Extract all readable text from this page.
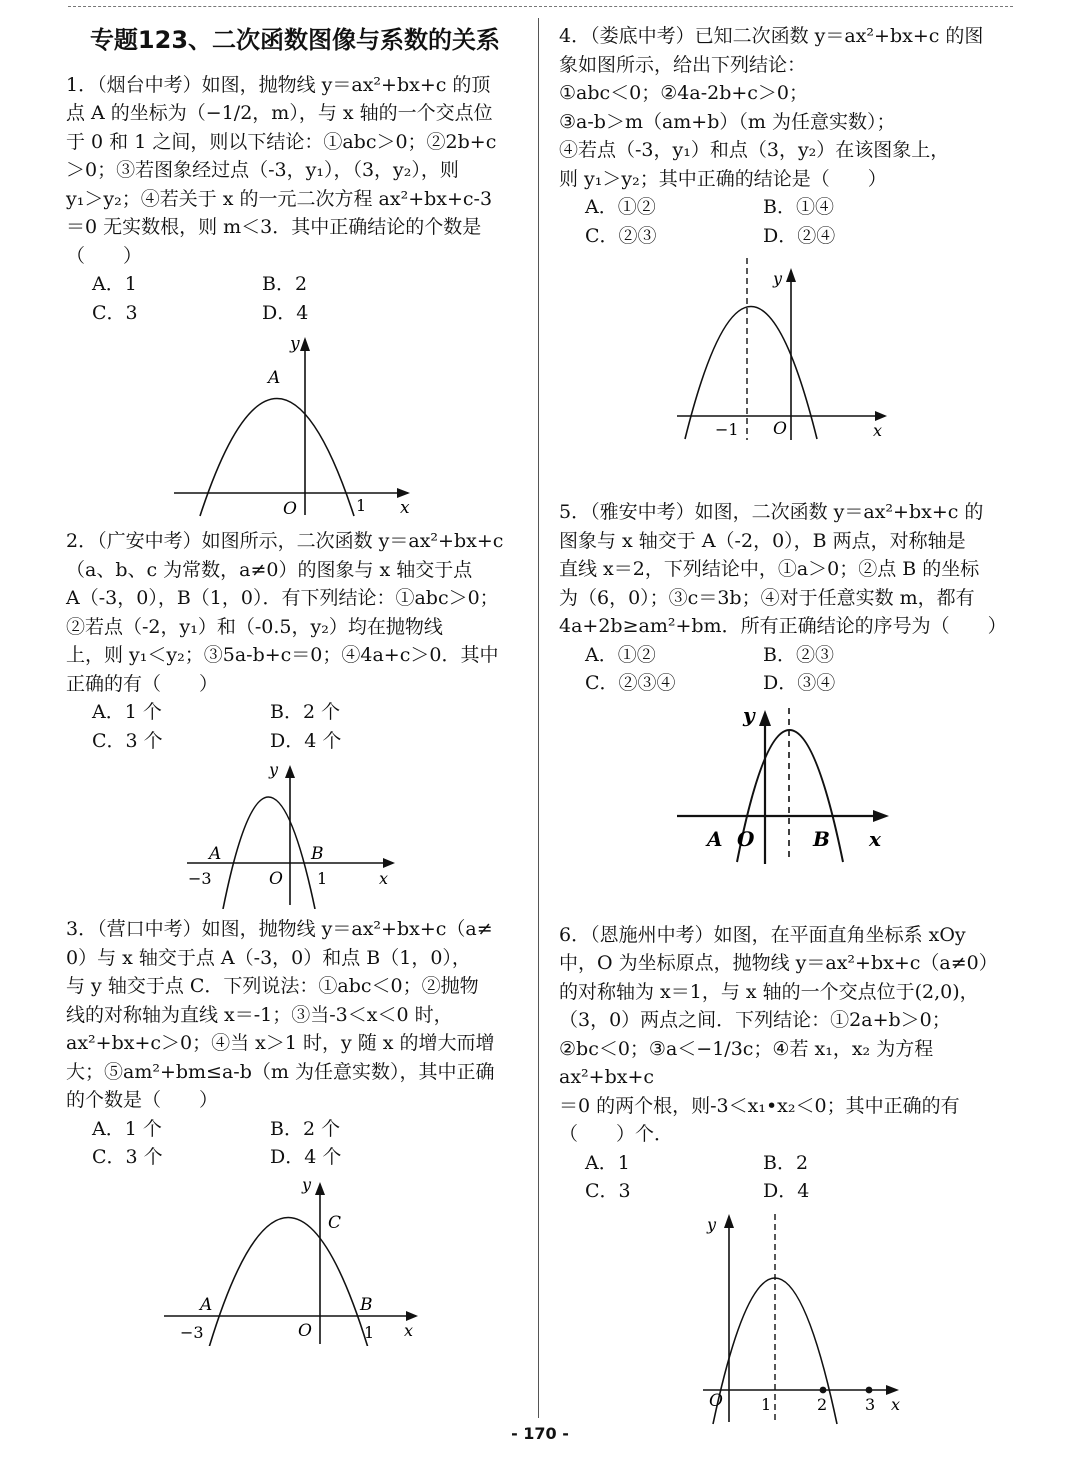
专题123、二次函数图像与系数的关系

1．（烟台中考）如图，抛物线 y＝ax²+bx+c 的顶

点 A 的坐标为（−1/2，m），与 x 轴的一个交点位

于 0 和 1 之间，则以下结论：①abc＞0；②2b+c

＞0；③若图象经过点（-3，y₁），（3，y₂），则

y₁＞y₂；④若关于 x 的一元二次方程 ax²+bx+c-3

＝0 无实数根，则 m＜3．其中正确结论的个数是

（　　）

A．1	B．2
C．3	D．4
y
x
O
A
1

2．（广安中考）如图所示，二次函数 y＝ax²+bx+c

（a、b、c 为常数，a≠0）的图象与 x 轴交于点

A（-3，0），B（1，0）．有下列结论：①abc＞0；

②若点（-2，y₁）和（-0.5，y₂）均在抛物线

上，则 y₁＜y₂；③5a-b+c＝0；④4a+c＞0．其中

正确的有（　　）

A．1 个	B．2 个
C．3 个	D．4 个
y
x
O
A	B
−3	1

3．（营口中考）如图，抛物线 y＝ax²+bx+c（a≠

0）与 x 轴交于点 A（-3，0）和点 B（1，0），

与 y 轴交于点 C．下列说法：①abc＜0；②抛物

线的对称轴为直线 x＝-1；③当-3＜x＜0 时，

ax²+bx+c＞0；④当 x＞1 时，y 随 x 的增大而增

大；⑤am²+bm≤a-b（m 为任意实数），其中正确

的个数是（　　）

A．1 个	B．2 个
C．3 个	D．4 个
y
x
O
A	B
C
−3	1

4．（娄底中考）已知二次函数 y＝ax²+bx+c 的图

象如图所示，给出下列结论：

①abc＜0；②4a-2b+c＞0；

③a-b＞m（am+b）（m 为任意实数）；

④若点（-3，y₁）和点（3，y₂）在该图象上，

则 y₁＞y₂；其中正确的结论是（　　）

A．①②	B．①④
C．②③	D．②④
y
x
O
−1

5．（雅安中考）如图，二次函数 y＝ax²+bx+c 的

图象与 x 轴交于 A（-2，0），B 两点，对称轴是

直线 x＝2，下列结论中，①a＞0；②点 B 的坐标

为（6，0）；③c＝3b；④对于任意实数 m，都有

4a+2b≥am²+bm．所有正确结论的序号为（　　）

A．①②	B．②③
C．②③④	D．③④
y
x
O
A	B

6．（恩施州中考）如图，在平面直角坐标系 xOy

中，O 为坐标原点，抛物线 y＝ax²+bx+c（a≠0）

的对称轴为 x＝1，与 x 轴的一个交点位于(2,0)，

（3，0）两点之间．下列结论：①2a+b＞0；

②bc＜0；③a＜−1/3c；④若 x₁，x₂ 为方程 ax²+bx+c

＝0 的两个根，则-3＜x₁•x₂＜0；其中正确的有

（　　）个．

A．1	B．2
C．3	D．4
y
x
O 1	2 3
- 170 -
